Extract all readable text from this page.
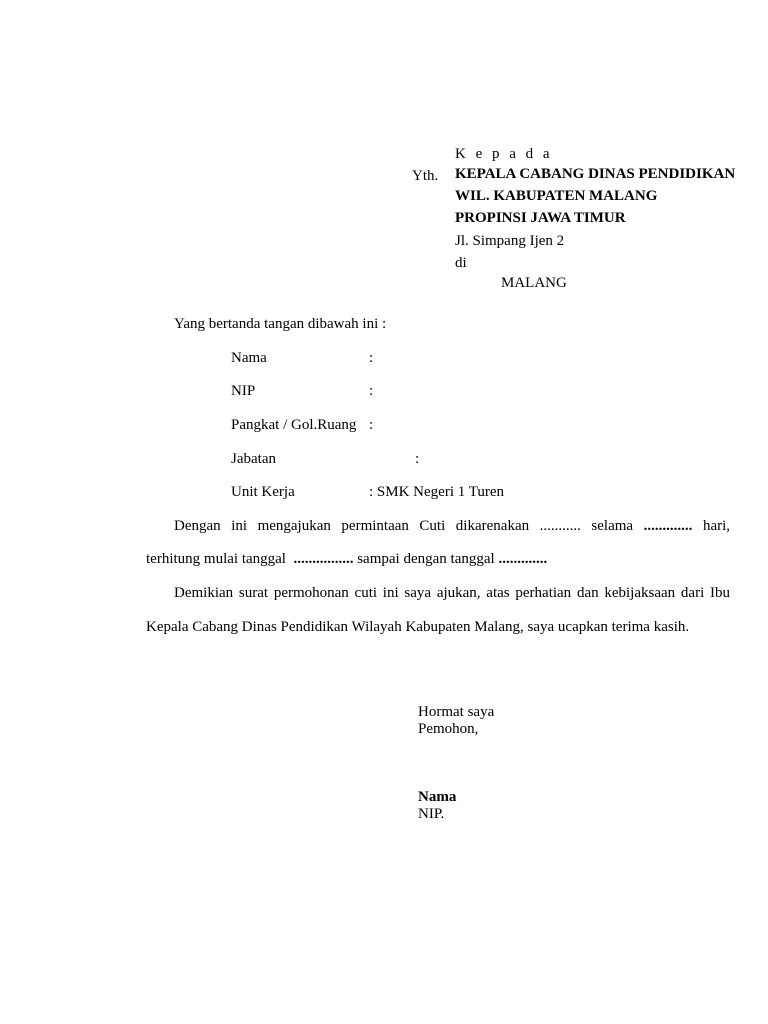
K e p a d a
Yth. KEPALA CABANG DINAS PENDIDIKAN
WIL. KABUPATEN MALANG
PROPINSI JAWA TIMUR
Jl. Simpang Ijen 2
di
MALANG
Yang bertanda tangan dibawah ini :
Nama	:
NIP	:
Pangkat / Gol.Ruang :
Jabatan	:
Unit Kerja	: SMK Negeri 1 Turen
Dengan ini mengajukan permintaan Cuti dikarenakan ........... selama ............. hari,
terhitung mulai tanggal ................ sampai dengan tanggal .............
Demikian surat permohonan cuti ini saya ajukan, atas perhatian dan kebijaksaan dari Ibu
Kepala Cabang Dinas Pendidikan Wilayah Kabupaten Malang, saya ucapkan terima kasih.
Hormat saya
Pemohon,
Nama
NIP.
